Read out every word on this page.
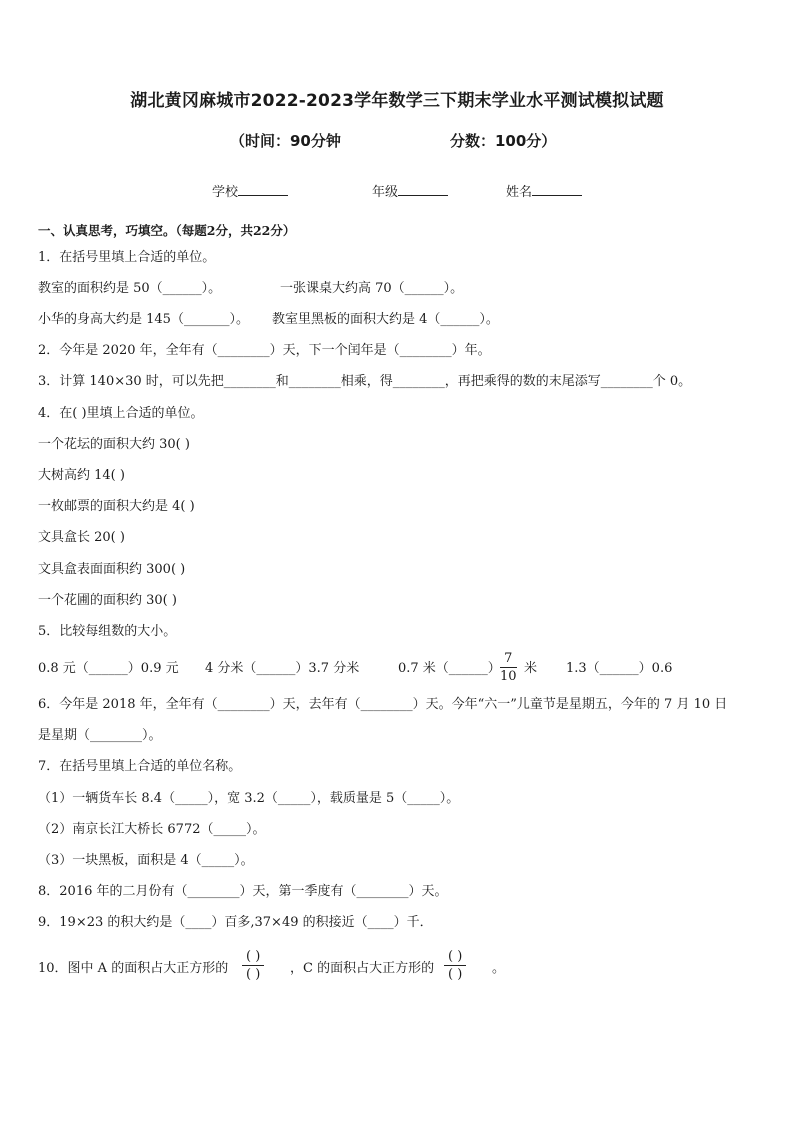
湖北黄冈麻城市2022-2023学年数学三下期末学业水平测试模拟试题
（时间：90分钟	分数：100分）
学校	年级	姓名
一、认真思考，巧填空。（每题2分，共22分）
1．在括号里填上合适的单位。
教室的面积约是 50（______）。	一张课桌大约高 70（______）。
小华的身高大约是 145（_______）。 教室里黑板的面积大约是 4（______）。
2．今年是 2020 年，全年有（________）天，下一个闰年是（________）年。
3．计算 140×30 时，可以先把________和________相乘，得________，再把乘得的数的末尾添写________个 0。
4．在( )里填上合适的单位。
一个花坛的面积大约 30( )
大树高约 14( )
一枚邮票的面积大约是 4( )
文具盒长 20( )
文具盒表面面积约 300( )
一个花圃的面积约 30( )
5．比较每组数的大小。
0.8 元（______）0.9 元 4 分米（______）3.7 分米	0.7 米（______） $\frac{7}{10}$ 米 1.3（______）0.6
6．今年是 2018 年，全年有（________）天，去年有（________）天。今年“六一”儿童节是星期五，今年的 7 月 10 日
是星期（________）。
7．在括号里填上合适的单位名称。
（1）一辆货车长 8.4（_____），宽 3.2（_____），载质量是 5（_____）。
（2）南京长江大桥长 6772（_____）。
（3）一块黑板，面积是 4（_____）。
8．2016 年的二月份有（________）天，第一季度有（________）天。
9．19×23 的积大约是（____）百多,37×49 的积接近（____）千．
10．图中 A 的面积占大正方形的
( )
( )	，C 的面积占大正方形的
( )
( )	。
